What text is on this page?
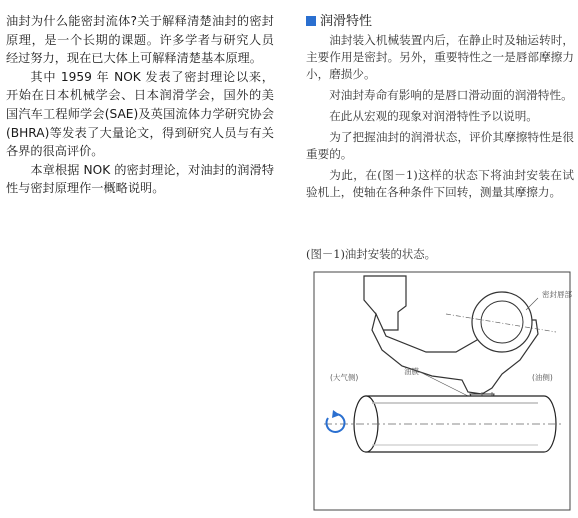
油封为什么能密封流体?关于解释清楚油封的密封原理，是一个长期的课题。许多学者与研究人员经过努力，现在已大体上可解释清楚基本原理。

其中 1959 年 NOK 发表了密封理论以来，开始在日本机械学会、日本润滑学会，国外的美国汽车工程师学会(SAE)及英国流体力学研究协会(BHRA)等发表了大量论文，得到研究人员与有关各界的很高评价。

本章根据 NOK 的密封理论，对油封的润滑特性与密封原理作一概略说明。

润滑特性

油封装入机械装置内后，在静止时及轴运转时，主要作用是密封。另外，重要特性之一是唇部摩擦力小，磨损少。

对油封寿命有影响的是唇口滑动面的润滑特性。

在此从宏观的现象对润滑特性予以说明。

为了把握油封的润滑状态，评价其摩擦特性是很重要的。

为此，在(图－1)这样的状态下将油封安装在试验机上，使轴在各种条件下回转，测量其摩擦力。

(图－1)油封安装的状态。
密封唇部
(大气侧)
油膜
(油侧)
